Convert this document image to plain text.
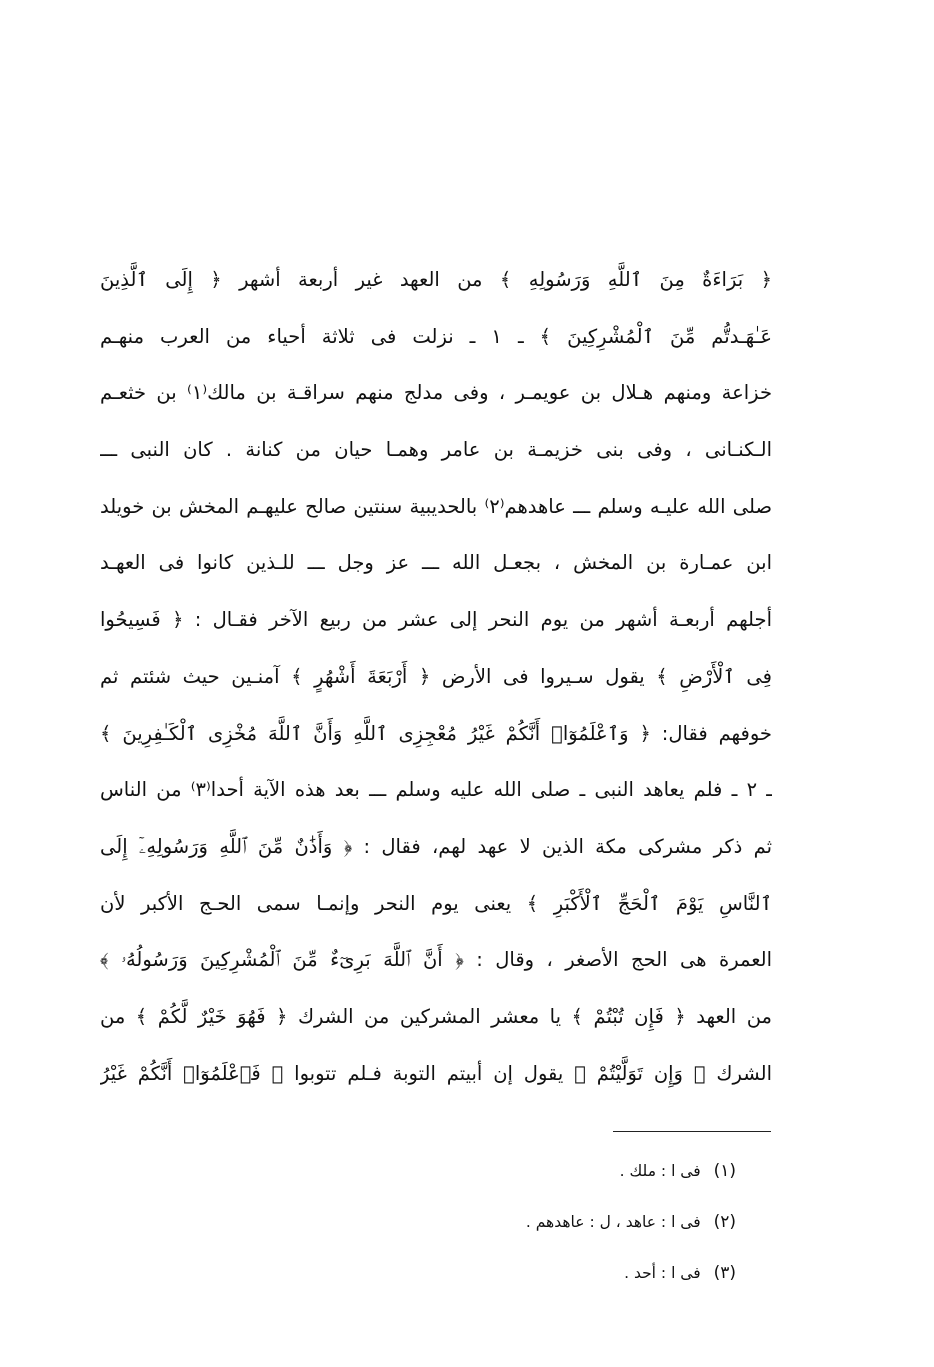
﴿ بَرَاءَةٌ مِنَ ٱللَّهِ وَرَسُولِهِ ﴾ من العهد غير أربعة أشهر ﴿ إِلَى ٱلَّذِينَ
عَـٰهَـدتُّم مِّنَ ٱلْمُشْرِكِينَ ﴾ ـ ١ ـ نزلت فى ثلاثة أحياء من العرب منهـم
خزاعة ومنهم هـلال بن عويمـر ، وفى مدلج منهم سراقـة بن مالك⁽١⁾ بن خثعـم
الـكنـانى ، وفى بنى خزيمـة بن عامر وهمـا حيان من كنانة . كان النبى ـــ
صلى الله عليـه وسلم ـــ عاهدهم⁽٢⁾ بالحديبية سنتين صالح عليهـم المخش بن خويلد
ابن عمـارة بن المخش ، بجعـل الله ـــ عز وجل ـــ للـذين كانوا فى العهـد
أجلهم أربعـة أشهر من يوم النحر إلى عشر من ربيع الآخر فقـال : ﴿ فَسِيحُوا
فِى ٱلْأَرْضِ ﴾ يقول سـيروا فى الأرض ﴿ أَرْبَعَةَ أَشْهُرٍ ﴾ آمنـين حيث شئتم ثم
خوفهم فقال: ﴿ وَٱعْلَمُوٓا۟ أَنَّكُمْ غَيْرُ مُعْجِزِى ٱللَّهِ وَأَنَّ ٱللَّهَ مُخْزِى ٱلْكَـٰفِرِينَ ﴾
ـ ٢ ـ فلم يعاهد النبى ـ صلى الله عليه وسلم ـــ بعد هذه الآية أحدا⁽٣⁾ من الناس
ثم ذكر مشركى مكة الذين لا عهد لهم، فقال : ﴿ وَأَذَٰنٌ مِّنَ ٱللَّهِ وَرَسُولِهِۦٓ إِلَى
ٱلنَّاسِ يَوْمَ ٱلْحَجِّ ٱلْأَكْبَرِ ﴾ يعنى يوم النحر وإنمـا سمى الحـج الأكبر لأن
العمرة هى الحج الأصغر ، وقال : ﴿ أَنَّ ٱللَّهَ بَرِىٓءٌ مِّنَ ٱلْمُشْرِكِينَ وَرَسُولُهُۥ ﴾
من العهد ﴿ فَإِن تُبْتُمْ ﴾ يا معشر المشركين من الشرك ﴿ فَهُوَ خَيْرٌ لَّكُمْ ﴾ من
الشرك ﴿ وَإِن تَوَلَّيْتُمْ ﴾ يقول إن أبيتم التوبة فـلم تتوبوا ﴿ فَٱعْلَمُوٓا۟ أَنَّكُمْ غَيْرُ
(١) فى ا : ملك .
(٢) فى ا : عاهد ، ل : عاهدهم .
(٣) فى ا : أحد .
